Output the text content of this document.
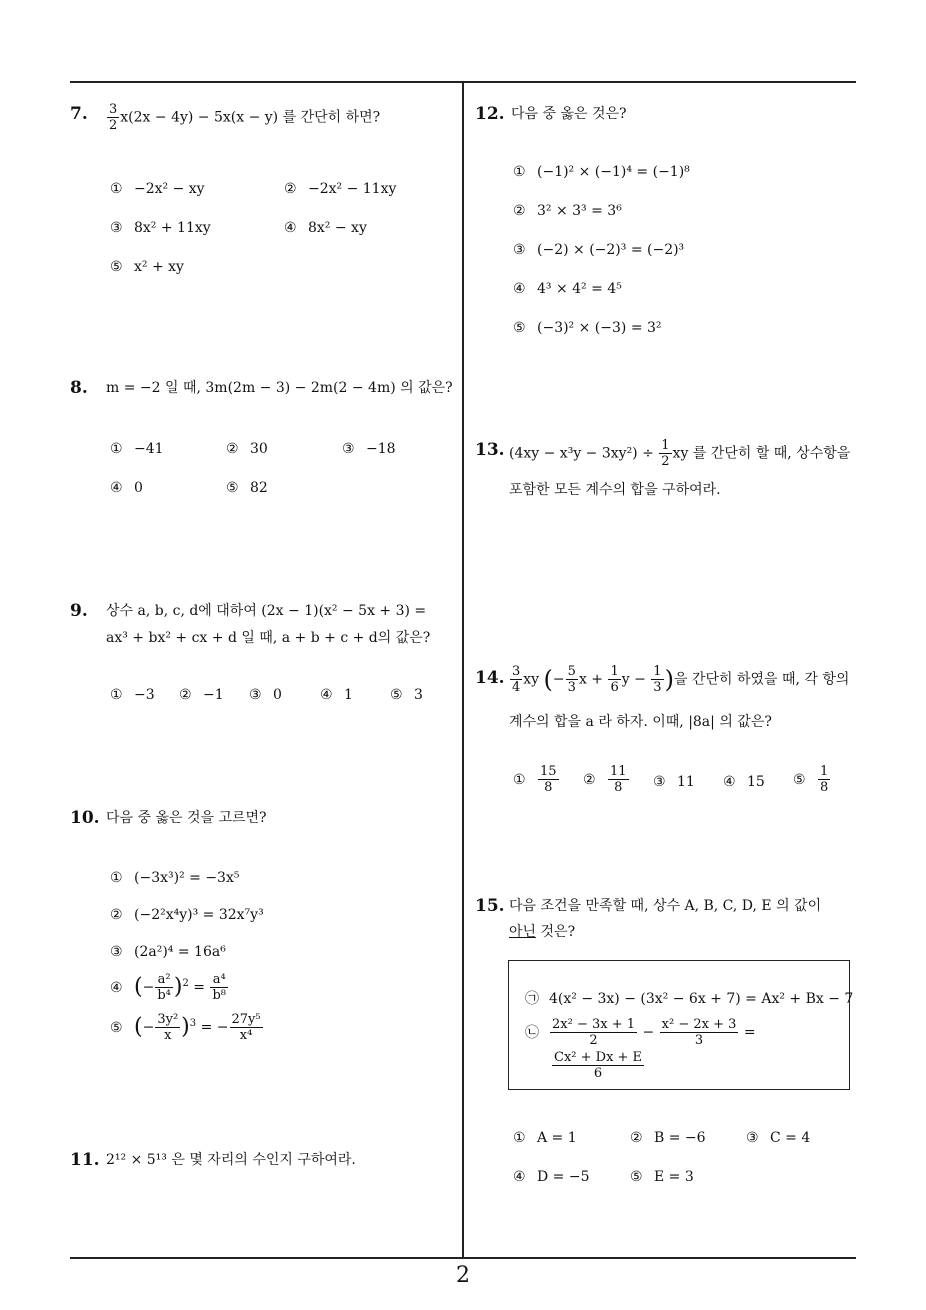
7. $\frac{3}{2} x(2x - 4y) - 5x(x - y)$ 를 간단히 하면?
① −2x² − xy	② −2x² − 11xy
③ 8x² + 11xy	④ 8x² − xy
⑤ x² + xy
8. m = −2 일 때, 3m(2m − 3) − 2m(2 − 4m) 의 값은?
① −41	② 30	③ −18
④ 0	⑤ 82
9. 상수 a, b, c, d에 대하여 (2x − 1)(x² − 5x + 3) =
ax³ + bx² + cx + d 일 때, a + b + c + d의 값은?
① −3 ② −1 ③ 0	④ 1	⑤ 3
10. 다음 중 옳은 것을 고르면?
① (−3x³)² = −3x⁵
② (−2²x⁴y)³ = 32x⁷y³
③ (2a²)⁴ = 16a⁶
④ (− $\frac{\text{a²}}{\text{b⁴}} )^2 = \frac{\text{a⁴}}{\text{b⁸}}$
⑤ (− $\frac{\text{3y²}}{x} )^3$ = − $\frac{\text{27y⁵}}{\text{x⁴}}$
11. 2¹² × 5¹³ 은 몇 자리의 수인지 구하여라.
12. 다음 중 옳은 것은?
① (−1)² × (−1)⁴ = (−1)⁸
② 3² × 3³ = 3⁶
③ (−2) × (−2)³ = (−2)³
④ 4³ × 4² = 4⁵
⑤ (−3)² × (−3) = 3²
13. $(4xy - x^3y - 3xy^2) \div \frac{1}{2}$ xy 를 간단히 할 때, 상수항을
포함한 모든 계수의 합을 구하여라.
14. $\frac{3}{4}$ xy (− $\frac{5}{3}$ $x + \frac{1}{6}$ $y - \frac{1}{3}$ )을 간단히 하였을 때, 각 항의
계수의 합을 a 라 하자. 이때, |8a| 의 값은?
① $\frac{15}{8}$ ② $\frac{11}{8}$ ③ 11 ④ 15 ⑤ $\frac{1}{8}$
15. 다음 조건을 만족할 때, 상수 A, B, C, D, E 의 값이
아닌 것은?
㉠ 4(x² − 3x) − (3x² − 6x + 7) = Ax² + Bx − 7
㉡ $\frac{\text{2x² − 3x + 1}}{2} - \frac{\text{x² − 2x + 3}}{3}$ =
$\frac{\text{Cx² + Dx + E}}{6}$
① A = 1	② B = −6	③ C = 4
④ D = −5	⑤ E = 3
2
